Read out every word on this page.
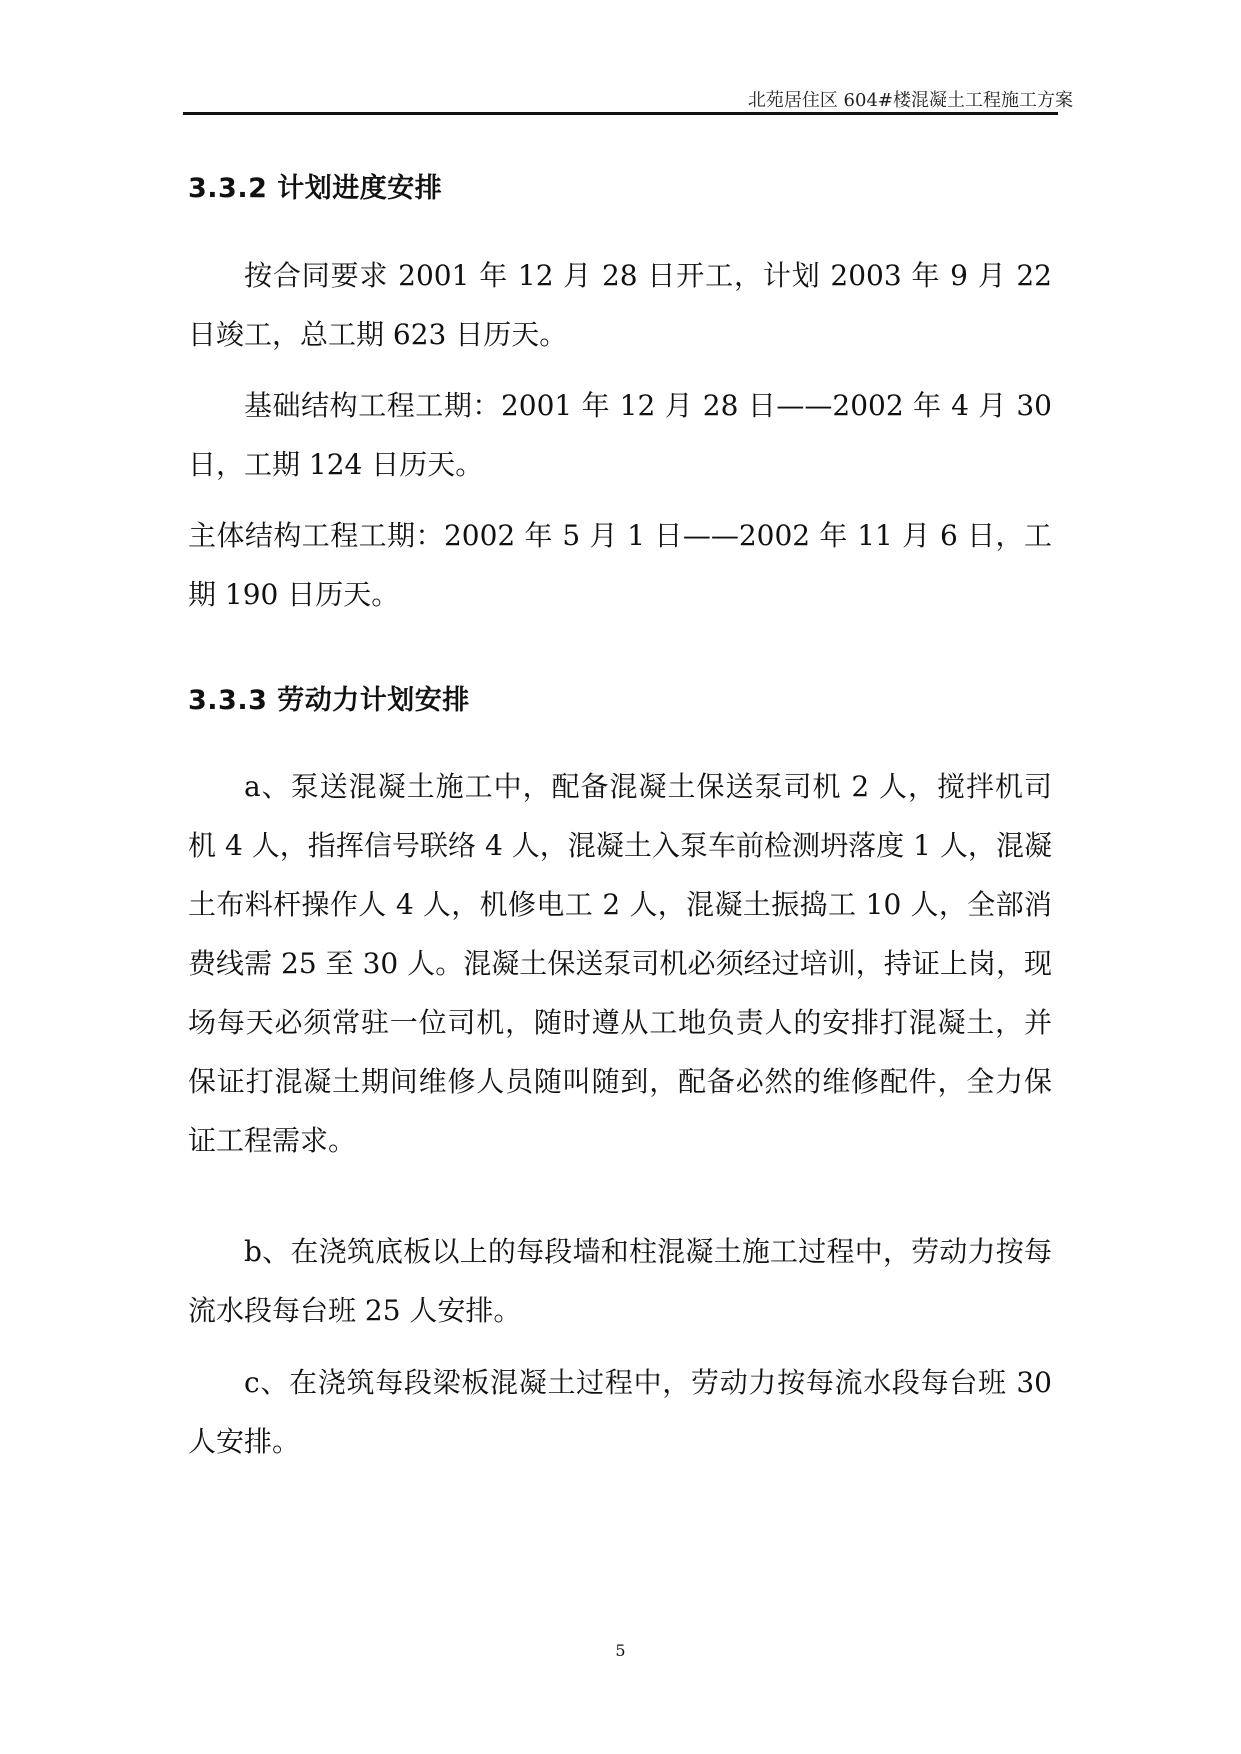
北苑居住区 604#楼混凝土工程施工方案
3.3.2 计划进度安排
按合同要求 2001 年 12 月 28 日开工，计划 2003 年 9 月 22 日竣工，总工期 623 日历天。
基础结构工程工期：2001 年 12 月 28 日——2002 年 4 月 30 日，工期 124 日历天。
主体结构工程工期：2002 年 5 月 1 日——2002 年 11 月 6 日，工期 190 日历天。
3.3.3 劳动力计划安排
a、泵送混凝土施工中，配备混凝土保送泵司机 2 人，搅拌机司机 4 人，指挥信号联络 4 人，混凝土入泵车前检测坍落度 1 人，混凝土布料杆操作人 4 人，机修电工 2 人，混凝土振捣工 10 人，全部消费线需 25 至 30 人。混凝土保送泵司机必须经过培训，持证上岗，现场每天必须常驻一位司机，随时遵从工地负责人的安排打混凝土，并保证打混凝土期间维修人员随叫随到，配备必然的维修配件，全力保证工程需求。
b、在浇筑底板以上的每段墙和柱混凝土施工过程中，劳动力按每流水段每台班 25 人安排。
c、在浇筑每段梁板混凝土过程中，劳动力按每流水段每台班 30 人安排。
5
